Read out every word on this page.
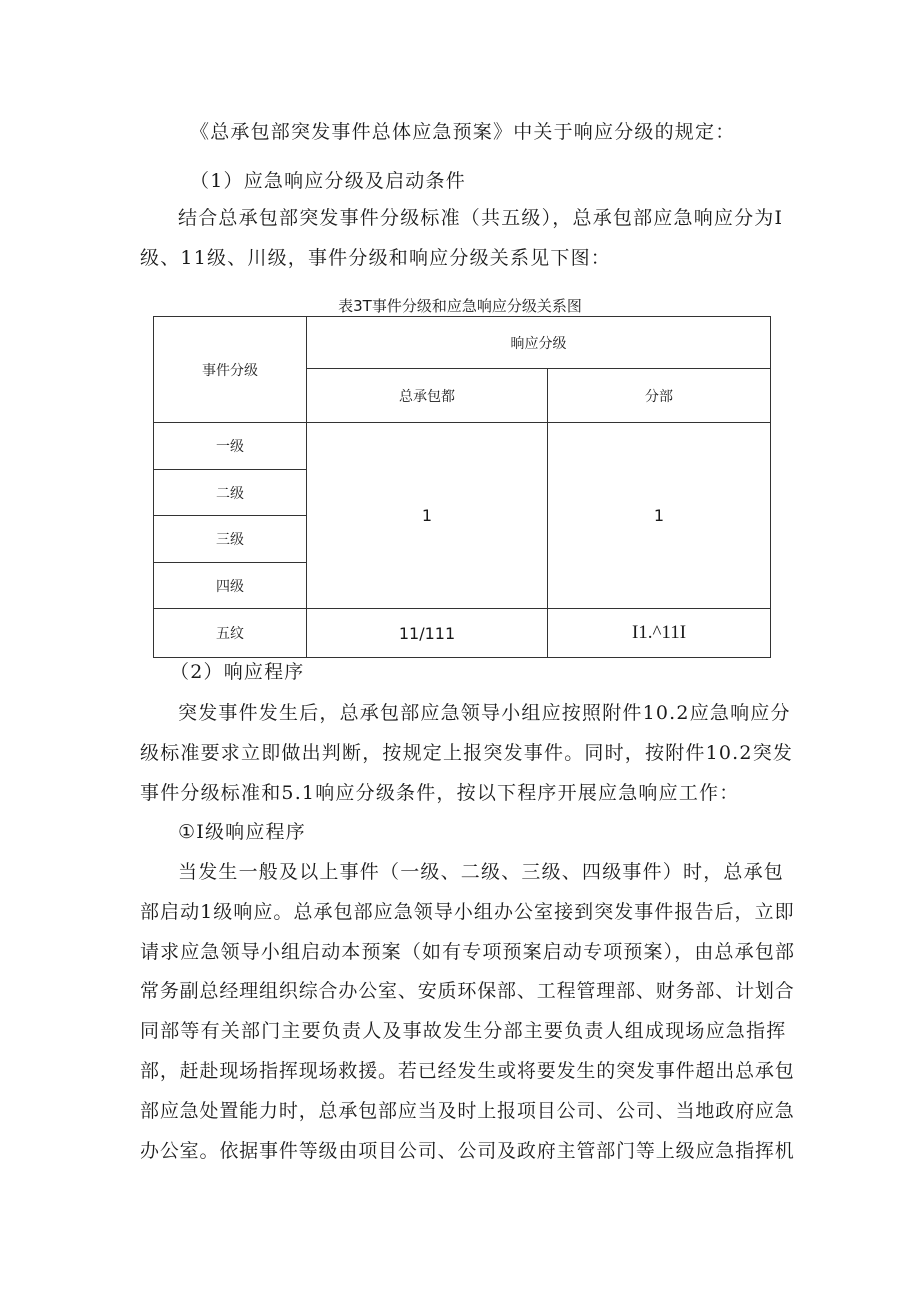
《总承包部突发事件总体应急预案》中关于响应分级的规定：
（1）应急响应分级及启动条件
结合总承包部突发事件分级标准（共五级），总承包部应急响应分为I
级、11级、川级，事件分级和响应分级关系见下图：
表3T事件分级和应急响应分级关系图
事件分级	晌应分级	
	总承包都	分部
一级	1	1
二级		
三级		
四级		
五纹	11/111	I1.^11I
（2）响应程序
突发事件发生后，总承包部应急领导小组应按照附件10.2应急响应分
级标准要求立即做出判断，按规定上报突发事件。同时，按附件10.2突发
事件分级标准和5.1响应分级条件，按以下程序开展应急响应工作：
①I级响应程序
当发生一般及以上事件（一级、二级、三级、四级事件）时，总承包
部启动1级响应。总承包部应急领导小组办公室接到突发事件报告后，立即
请求应急领导小组启动本预案（如有专项预案启动专项预案），由总承包部
常务副总经理组织综合办公室、安质环保部、工程管理部、财务部、计划合
同部等有关部门主要负责人及事故发生分部主要负责人组成现场应急指挥
部，赶赴现场指挥现场救援。若已经发生或将要发生的突发事件超出总承包
部应急处置能力时，总承包部应当及时上报项目公司、公司、当地政府应急
办公室。依据事件等级由项目公司、公司及政府主管部门等上级应急指挥机
